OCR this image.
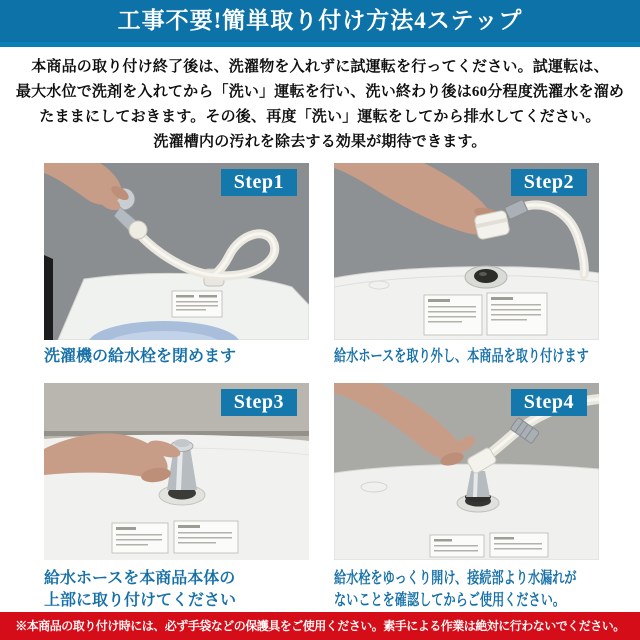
工事不要!簡単取り付け方法4ステップ

本商品の取り付け終了後は、洗濯物を入れずに試運転を行ってください。試運転は、

最大水位で洗剤を入れてから「洗い」運転を行い、洗い終わり後は60分程度洗濯水を溜め

たままにしておきます。その後、再度「洗い」運転をしてから排水してください。

洗濯槽内の汚れを除去する効果が期待できます。

Step1
洗濯機の給水栓を閉めます
Step2
給水ホースを取り外し、本商品を取り付けます
Step3
給水ホースを本商品本体の
上部に取り付けてください
Step4
給水栓をゆっくり開け、接続部より水漏れが
ないことを確認してからご使用ください。
※本商品の取り付け時には、必ず手袋などの保護具をご使用ください。素手による作業は絶対に行わないでください。
